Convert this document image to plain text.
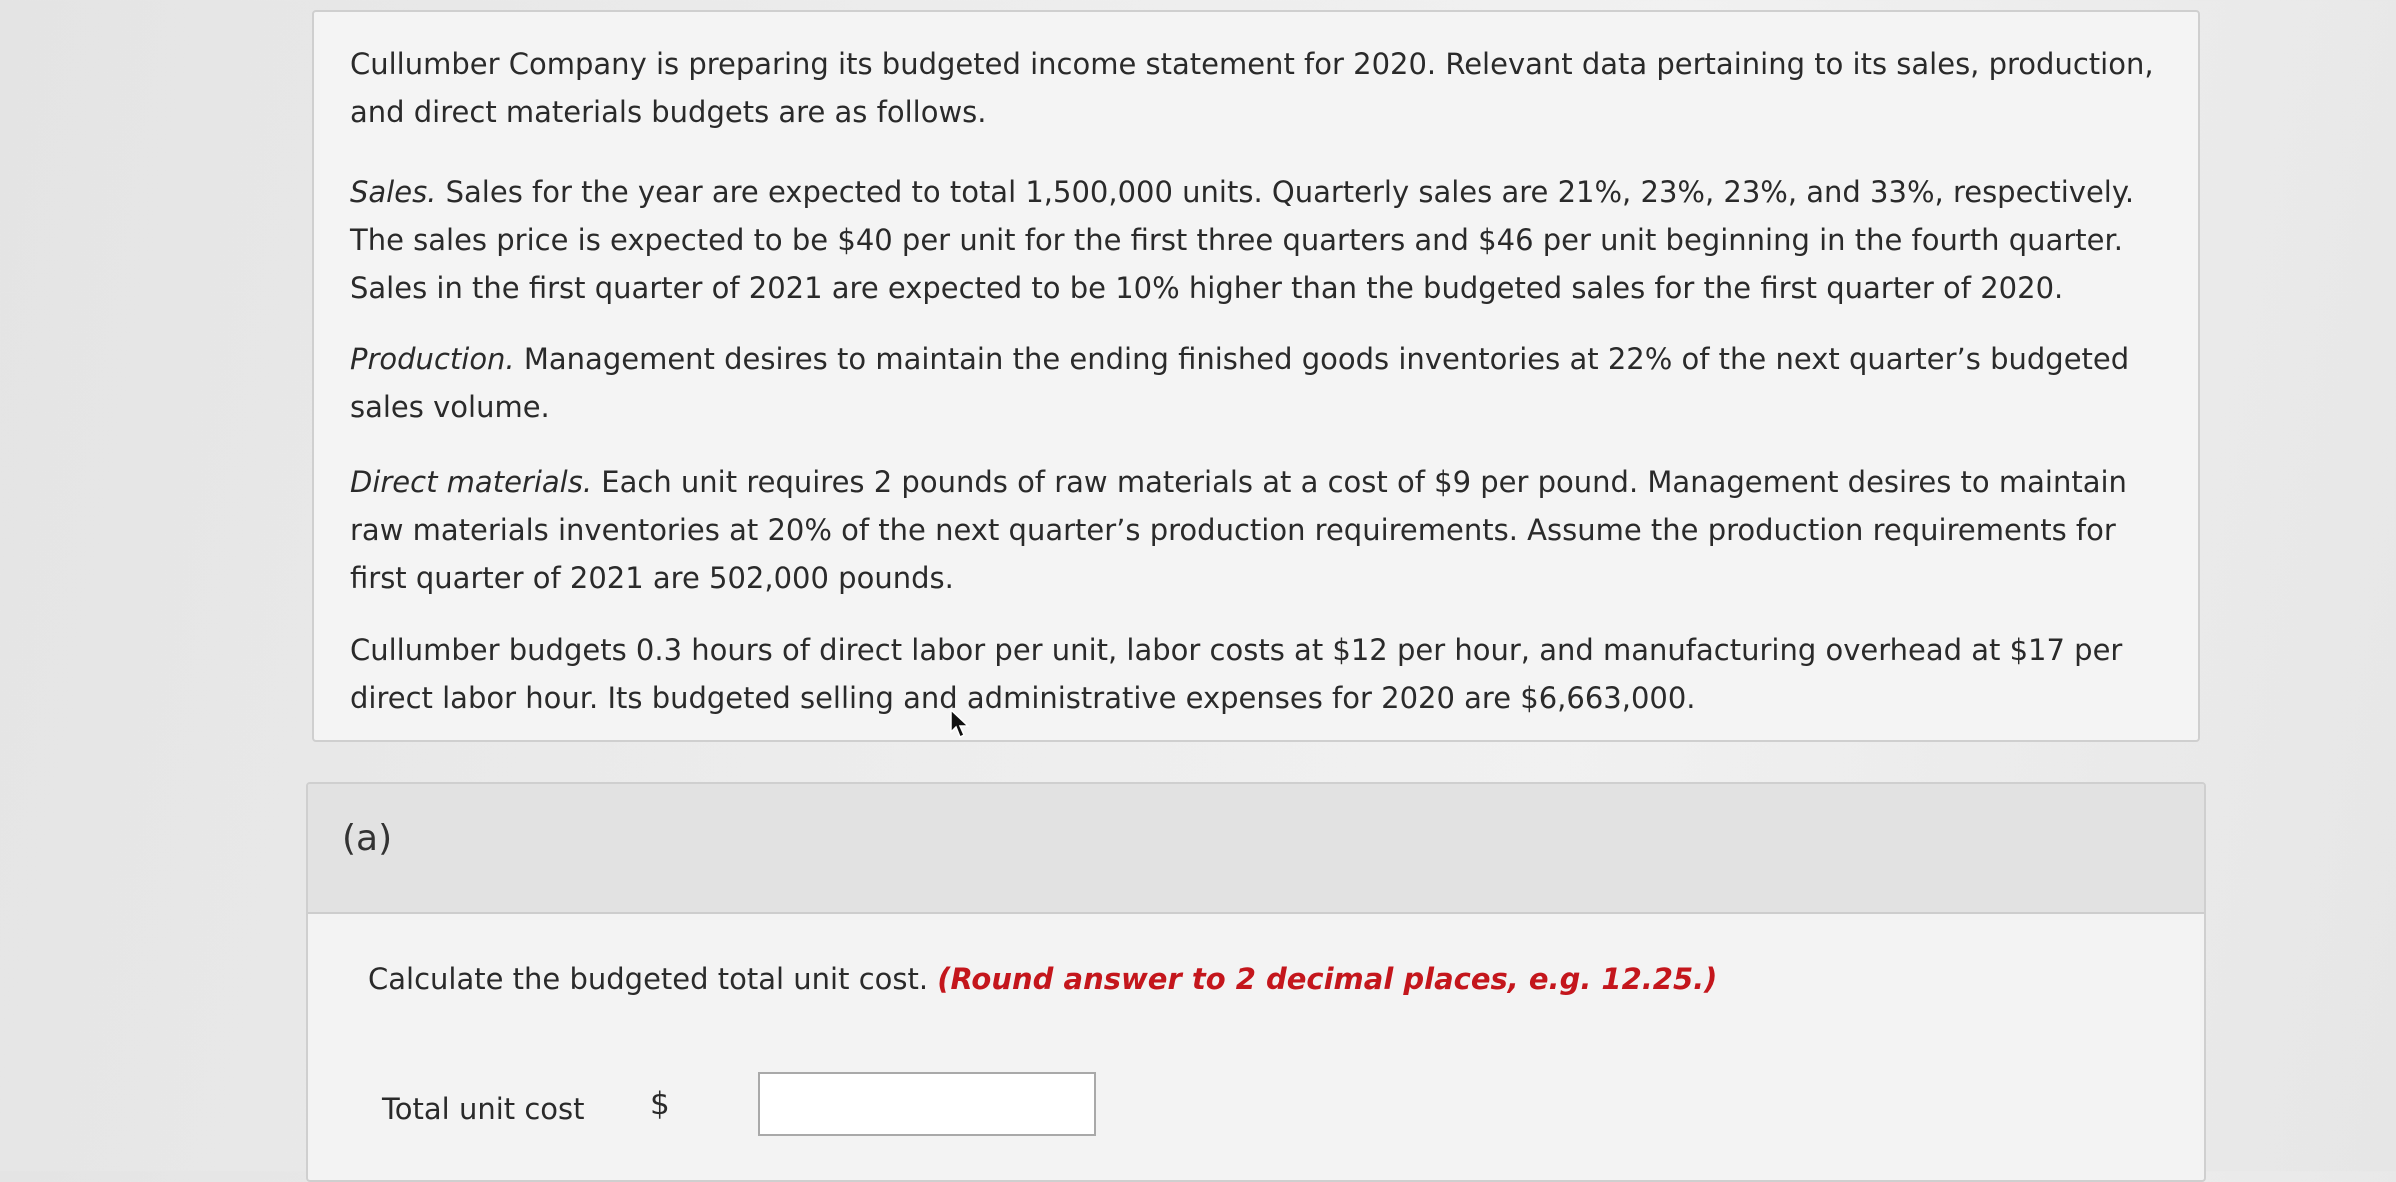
Cullumber Company is preparing its budgeted income statement for 2020. Relevant data pertaining to its sales, production, and direct materials budgets are as follows.

Sales. Sales for the year are expected to total 1,500,000 units. Quarterly sales are 21%, 23%, 23%, and 33%, respectively. The sales price is expected to be $40 per unit for the first three quarters and $46 per unit beginning in the fourth quarter. Sales in the first quarter of 2021 are expected to be 10% higher than the budgeted sales for the first quarter of 2020.

Production. Management desires to maintain the ending finished goods inventories at 22% of the next quarter’s budgeted sales volume.

Direct materials. Each unit requires 2 pounds of raw materials at a cost of $9 per pound. Management desires to maintain raw materials inventories at 20% of the next quarter’s production requirements. Assume the production requirements for first quarter of 2021 are 502,000 pounds.

Cullumber budgets 0.3 hours of direct labor per unit, labor costs at $12 per hour, and manufacturing overhead at $17 per direct labor hour. Its budgeted selling and administrative expenses for 2020 are $6,663,000.

(a)
Calculate the budgeted total unit cost. (Round answer to 2 decimal places, e.g. 12.25.)
Total unit cost $
